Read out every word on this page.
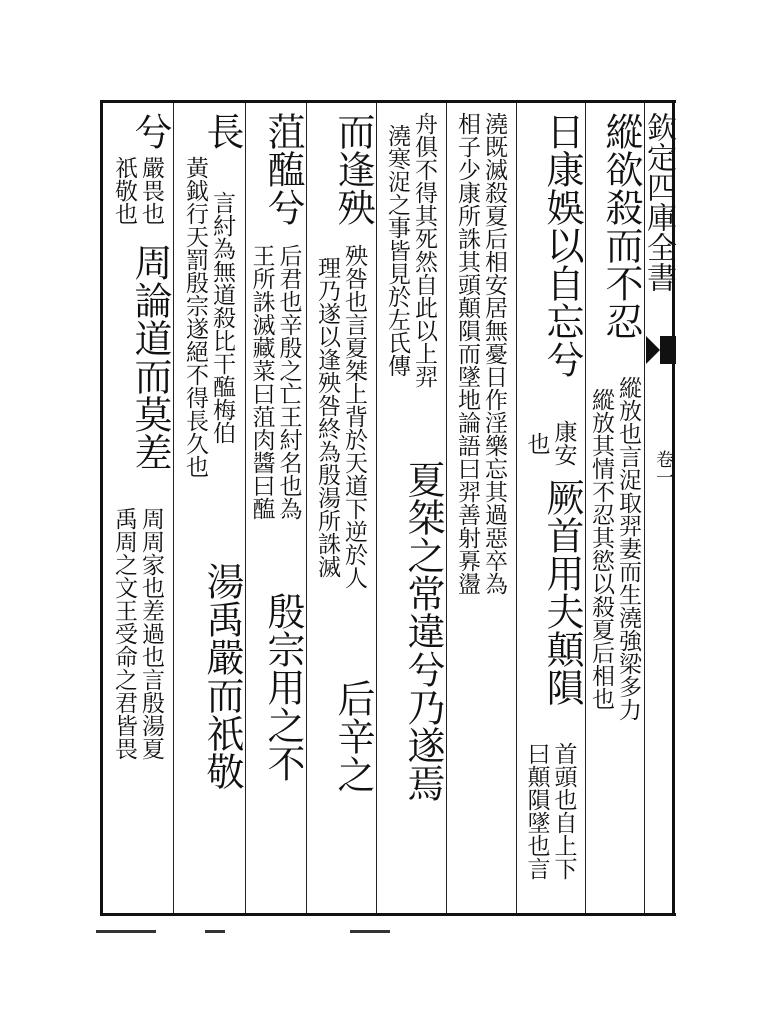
欽定四庫全書
卷一
縱欲殺而不忍
縱放也言浞取羿妻而生澆強梁多力
縱放其情不忍其慾以殺夏后相也
日康娛以自忘兮
康安
也
厥首用夫顛隕
首頭也自上下
曰顛隕墜也言
澆既滅殺夏后相安居無憂日作淫樂忘其過惡卒為
相子少康所誅其頭顛隕而墜地論語曰羿善射奡盪
舟俱不得其死然自此以上羿
澆寒浞之事皆見於左氏傳
夏桀之常違兮乃遂焉
而逢殃
殃咎也言夏桀上背於天道下逆於人
理乃遂以逢殃咎終為殷湯所誅滅
后辛之
菹醢兮
后君也辛殷之亡王紂名也為
王所誅滅藏菜曰菹肉醬曰醢
殷宗用之不
長
言紂為無道殺比干醢梅伯
黃鉞行天罰殷宗遂絕不得長久也
湯禹嚴而祇敬
兮
嚴畏也
祇敬也
周論道而莫差
周周家也差過也言殷湯夏
禹周之文王受命之君皆畏
